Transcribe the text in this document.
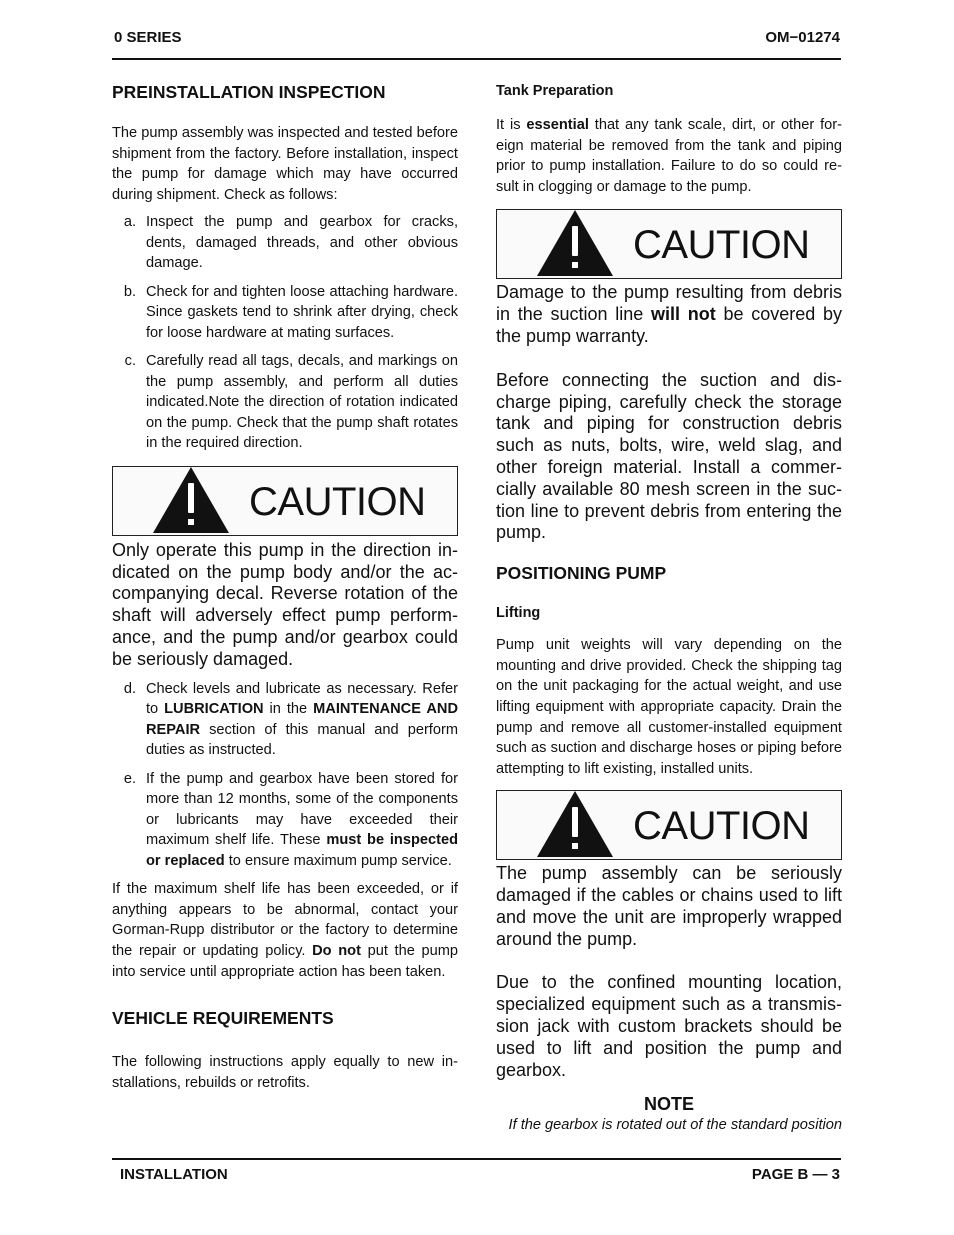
0 SERIES	OM−01274
PREINSTALLATION INSPECTION

The pump assembly was inspected and tested before shipment from the factory. Before installation, inspect the pump for damage which may have occurred during shipment. Check as follows:

a. Inspect the pump and gearbox for cracks, dents, damaged threads, and other obvious damage.
b. Check for and tighten loose attaching hardware. Since gaskets tend to shrink after drying, check for loose hardware at mating surfaces.
c. Carefully read all tags, decals, and markings on the pump assembly, and perform all duties indicated.Note the direction of rotation indicated on the pump. Check that the pump shaft rotates in the required direction.
CAUTION

Only operate this pump in the direction indicated on the pump body and/or the accompanying decal. Reverse rotation of the shaft will adversely effect pump performance, and the pump and/or gearbox could be seriously damaged.

d. Check levels and lubricate as necessary. Refer to LUBRICATION in the MAINTENANCE AND REPAIR section of this manual and perform duties as instructed.
e. If the pump and gearbox have been stored for more than 12 months, some of the components or lubricants may have exceeded their maximum shelf life. These must be inspected or replaced to ensure maximum pump service.

If the maximum shelf life has been exceeded, or if anything appears to be abnormal, contact your Gorman-Rupp distributor or the factory to determine the repair or updating policy. Do not put the pump into service until appropriate action has been taken.

VEHICLE REQUIREMENTS

The following instructions apply equally to new installations, rebuilds or retrofits.

Tank Preparation

It is essential that any tank scale, dirt, or other foreign material be removed from the tank and piping prior to pump installation. Failure to do so could result in clogging or damage to the pump.

CAUTION

Damage to the pump resulting from debris in the suction line will not be covered by the pump warranty.

Before connecting the suction and discharge piping, carefully check the storage tank and piping for construction debris such as nuts, bolts, wire, weld slag, and other foreign material. Install a commercially available 80 mesh screen in the suction line to prevent debris from entering the pump.

POSITIONING PUMP
Lifting

Pump unit weights will vary depending on the mounting and drive provided. Check the shipping tag on the unit packaging for the actual weight, and use lifting equipment with appropriate capacity. Drain the pump and remove all customer-installed equipment such as suction and discharge hoses or piping before attempting to lift existing, installed units.

CAUTION

The pump assembly can be seriously damaged if the cables or chains used to lift and move the unit are improperly wrapped around the pump.

Due to the confined mounting location, specialized equipment such as a transmission jack with custom brackets should be used to lift and position the pump and gearbox.

NOTE
If the gearbox is rotated out of the standard position
INSTALLATION	PAGE B — 3
